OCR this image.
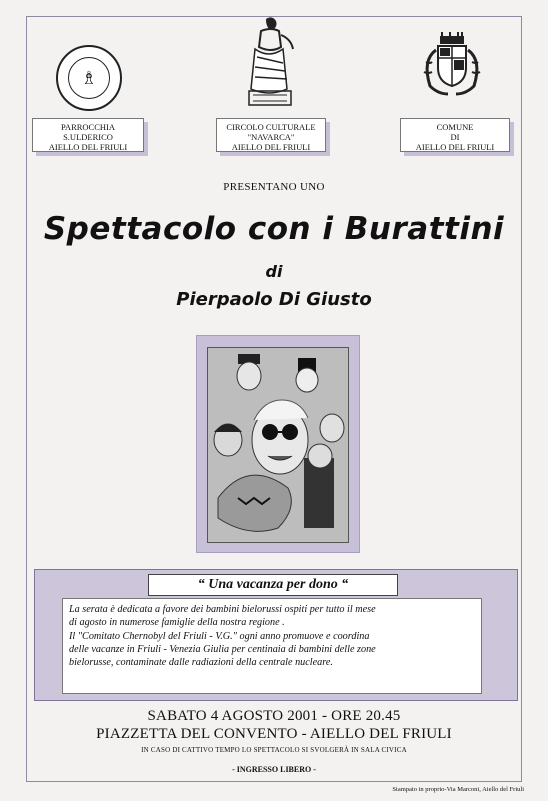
♗
PARROCCHIA
S.ULDERICO
AIELLO DEL FRIULI
CIRCOLO CULTURALE
"NAVARCA"
AIELLO DEL FRIULI
COMUNE
DI
AIELLO DEL FRIULI
PRESENTANO UNO
Spettacolo con i Burattini
di
Pierpaolo Di Giusto
“ Una vacanza per dono “
La serata è dedicata a favore dei bambini bielorussi ospiti per tutto il mese
di agosto in numerose famiglie della nostra regione .
Il "Comitato Chernobyl del Friuli - V.G." ogni anno promuove e coordina
delle vacanze in Friuli - Venezia Giulia per centinaia di bambini delle zone
bielorusse, contaminate dalle radiazioni della centrale nucleare.
SABATO 4 AGOSTO 2001 - ORE 20.45
PIAZZETTA DEL CONVENTO - AIELLO DEL FRIULI
IN CASO DI CATTIVO TEMPO LO SPETTACOLO SI SVOLGERÀ IN SALA CIVICA
- INGRESSO LIBERO -
Stampato in proprio-Via Marconi, Aiello del Friuli
